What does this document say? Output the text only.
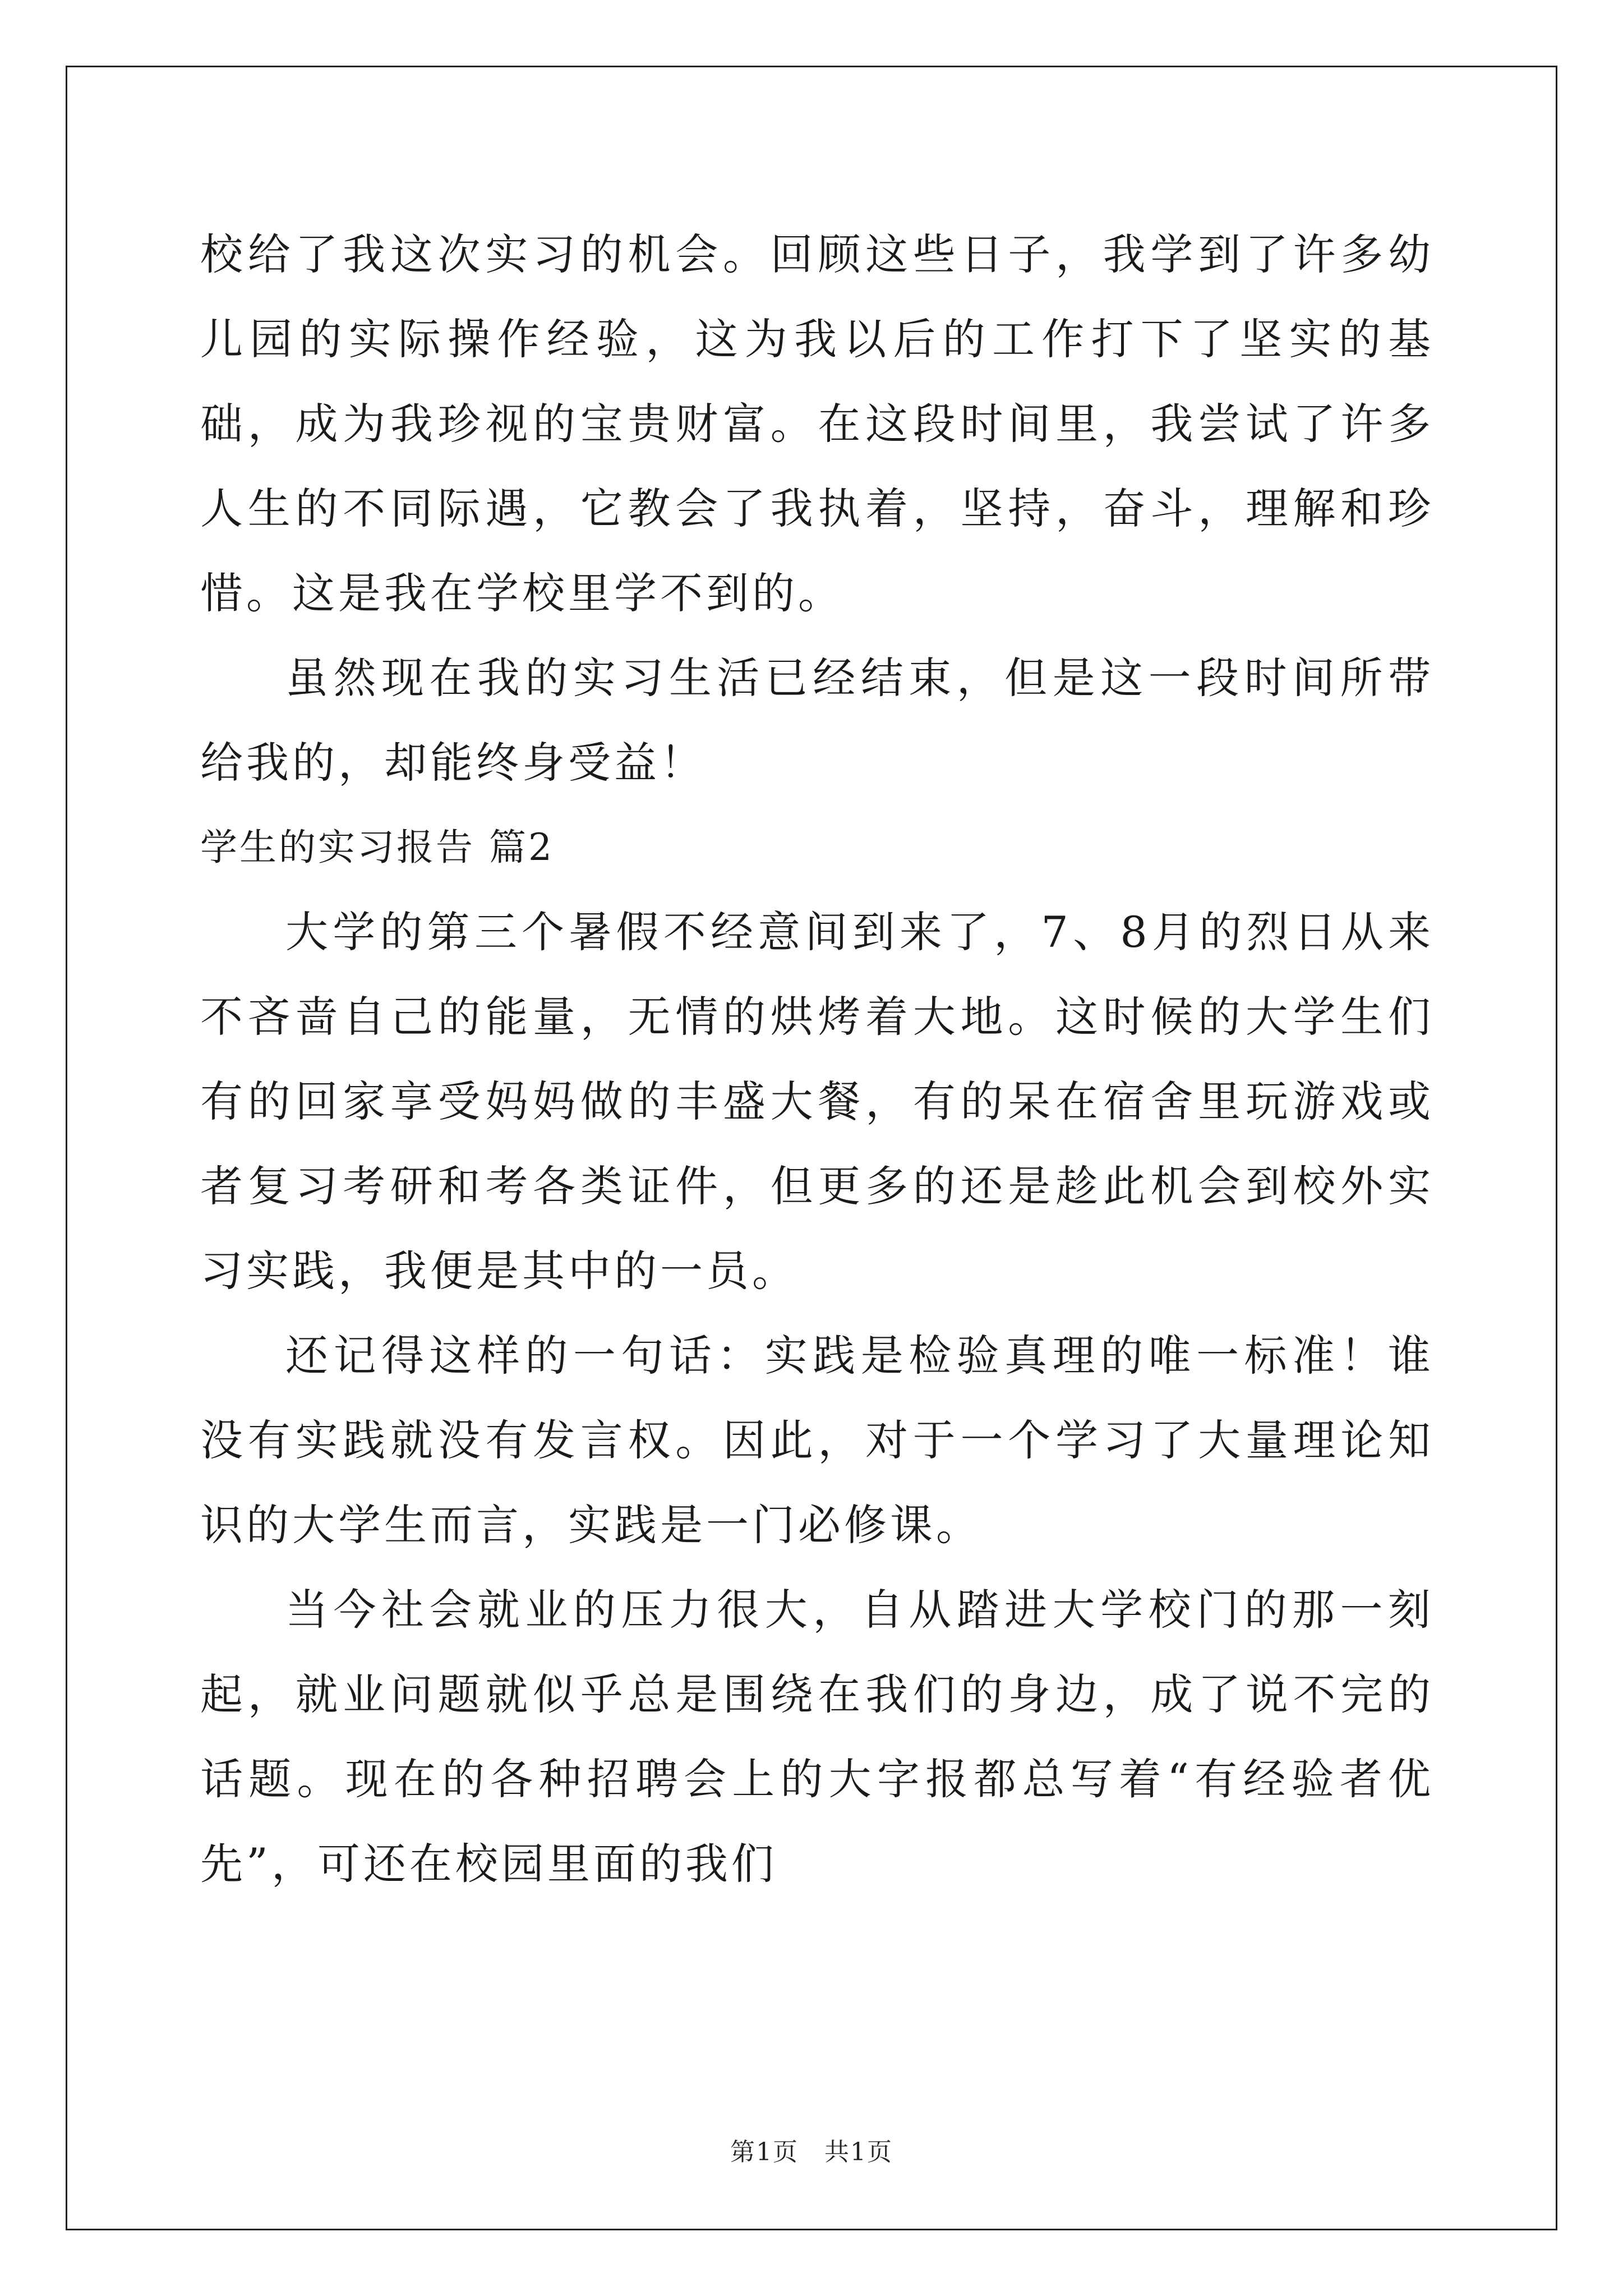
校给了我这次实习的机会。回顾这些日子，我学到了许多幼儿园的实际操作经验，这为我以后的工作打下了坚实的基础，成为我珍视的宝贵财富。在这段时间里，我尝试了许多人生的不同际遇，它教会了我执着，坚持，奋斗，理解和珍惜。这是我在学校里学不到的。

虽然现在我的实习生活已经结束，但是这一段时间所带给我的，却能终身受益！

学生的实习报告 篇2

大学的第三个暑假不经意间到来了，7、8月的烈日从来不吝啬自己的能量，无情的烘烤着大地。这时候的大学生们有的回家享受妈妈做的丰盛大餐，有的呆在宿舍里玩游戏或者复习考研和考各类证件，但更多的还是趁此机会到校外实习实践，我便是其中的一员。

还记得这样的一句话：实践是检验真理的唯一标准！谁没有实践就没有发言权。因此，对于一个学习了大量理论知识的大学生而言，实践是一门必修课。

当今社会就业的压力很大，自从踏进大学校门的那一刻起，就业问题就似乎总是围绕在我们的身边，成了说不完的话题。现在的各种招聘会上的大字报都总写着“有经验者优先”，可还在校园里面的我们

第1页　共1页
